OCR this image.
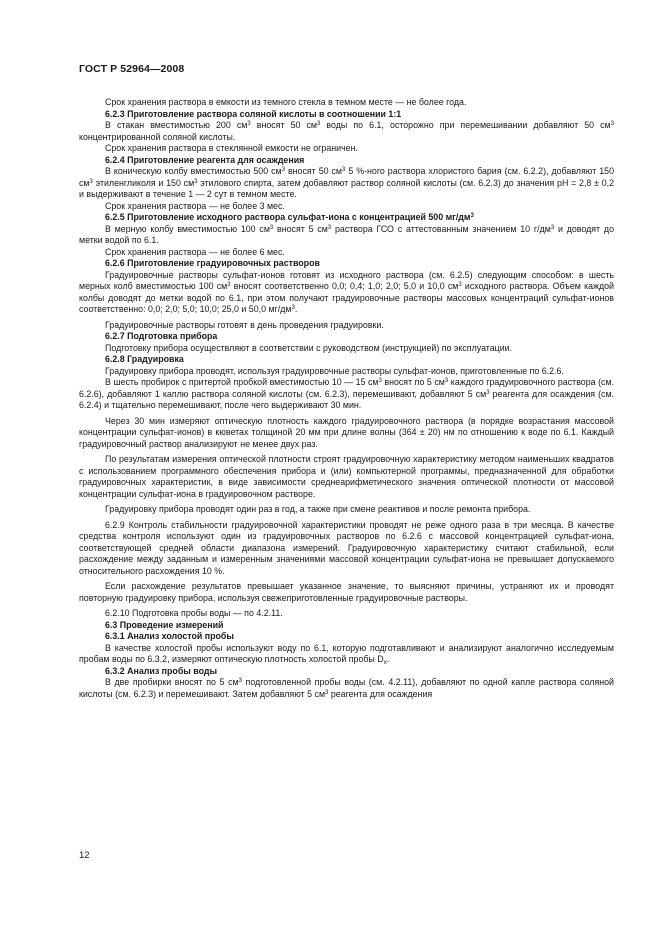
ГОСТ Р 52964—2008

Срок хранения раствора в емкости из темного стекла в темном месте — не более года.

6.2.3 Приготовление раствора соляной кислоты в соотношении 1:1

В стакан вместимостью 200 $см^3$ вносят 50 $см^3$ воды по 6.1, осторожно при перемешивании добавляют 50 $см^3$ концентрированной соляной кислоты.

Срок хранения раствора в стеклянной емкости не ограничен.

6.2.4 Приготовление реагента для осаждения

В коническую колбу вместимостью 500 $см^3$ вносят 50 $см^3$ 5 %-ного раствора хлористого бария (см. 6.2.2), добавляют 150 $см^3$ этиленгликоля и 150 $см^3$ этилового спирта, затем добавляют раствор соляной кислоты (см. 6.2.3) до значения pH = 2,8 ± 0,2 и выдерживают в течение 1 — 2 сут в темном месте.

Срок хранения раствора — не более 3 мес.

6.2.5 Приготовление исходного раствора сульфат-иона с концентрацией 500 $мг/дм^3$

В мерную колбу вместимостью 100 $см^3$ вносят 5 $см^3$ раствора ГСО с аттестованным значением 10 $г/дм^3$ и доводят до метки водой по 6.1.

Срок хранения раствора — не более 6 мес.

6.2.6 Приготовление градуировочных растворов

Градуировочные растворы сульфат-ионов готовят из исходного раствора (см. 6.2.5) следующим способом: в шесть мерных колб вместимостью 100 $см^3$ вносят соответственно 0,0; 0,4; 1,0; 2,0; 5,0 и 10,0 $см^3$ исходного раствора. Объем каждой колбы доводят до метки водой по 6.1, при этом получают градуировочные растворы массовых концентраций сульфат-ионов соответственно: 0,0; 2,0; 5,0; 10,0; 25,0 и 50,0 $мг/дм^3$.

Градуировочные растворы готовят в день проведения градуировки.

6.2.7 Подготовка прибора

Подготовку прибора осуществляют в соответствии с руководством (инструкцией) по эксплуатации.

6.2.8 Градуировка

Градуировку прибора проводят, используя градуировочные растворы сульфат-ионов, приготовленные по 6.2.6.

В шесть пробирок с притертой пробкой вместимостью 10 — 15 $см^3$ вносят по 5 $см^3$ каждого градуировочного раствора (см. 6.2.6), добавляют 1 каплю раствора соляной кислоты (см. 6.2.3), перемешивают, добавляют 5 $см^3$ реагента для осаждения (см. 6.2.4) и тщательно перемешивают, после чего выдерживают 30 мин.

Через 30 мин измеряют оптическую плотность каждого градуировочного раствора (в порядке возрастания массовой концентрации сульфат-ионов) в кюветах толщиной 20 мм при длине волны (364 ± 20) нм по отношению к воде по 6.1. Каждый градуировочный раствор анализируют не менее двух раз.

По результатам измерения оптической плотности строят градуировочную характеристику методом наименьших квадратов с использованием программного обеспечения прибора и (или) компьютерной программы, предназначенной для обработки градуировочных характеристик, в виде зависимости среднеарифметического значения оптической плотности от массовой концентрации сульфат-иона в градуировочном растворе.

Градуировку прибора проводят один раз в год, а также при смене реактивов и после ремонта прибора.

6.2.9 Контроль стабильности градуировочной характеристики проводят не реже одного раза в три месяца. В качестве средства контроля используют один из градуировочных растворов по 6.2.6 с массовой концентрацией сульфат-иона, соответствующей средней области диапазона измерений. Градуировочную характеристику считают стабильной, если расхождение между заданным и измеренным значениями массовой концентрации сульфат-иона не превышает допускаемого относительного расхождения 10 %.

Если расхождение результатов превышает указанное значение, то выясняют причины, устраняют их и проводят повторную градуировку прибора, используя свежеприготовленные градуировочные растворы.

6.2.10 Подготовка пробы воды — по 4.2.11.

6.3 Проведение измерений

6.3.1 Анализ холостой пробы

В качестве холостой пробы используют воду по 6.1, которую подготавливают и анализируют аналогично исследуемым пробам воды по 6.3.2, измеряют оптическую плотность холостой пробы $D_x$.

6.3.2 Анализ пробы воды

В две пробирки вносят по 5 $см^3$ подготовленной пробы воды (см. 4.2.11), добавляют по одной капле раствора соляной кислоты (см. 6.2.3) и перемешивают. Затем добавляют 5 $см^3$ реагента для осаждения

12
